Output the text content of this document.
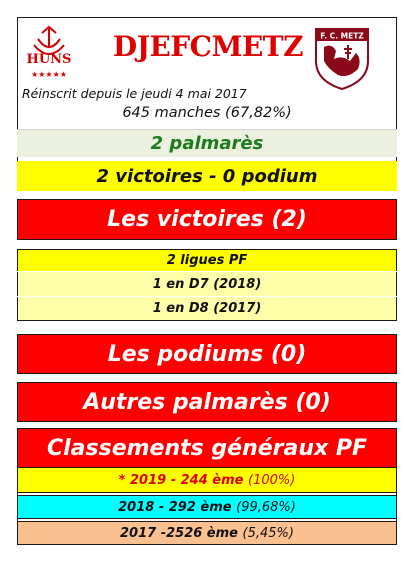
HUNS
★★★★★
DJEFCMETZ	F. C. METZ
Réinscrit depuis le jeudi 4 mai 2017
645 manches (67,82%)
2 palmarès
2 victoires - 0 podium
Les victoires (2)
2 ligues PF
1 en D7 (2018)
1 en D8 (2017)
Les podiums (0)
Autres palmarès (0)
Classements généraux PF
* 2019 - 244 ème
(100%)
2018 - 292 ème
(99,68%)
2017 -2526 ème
(5,45%)
